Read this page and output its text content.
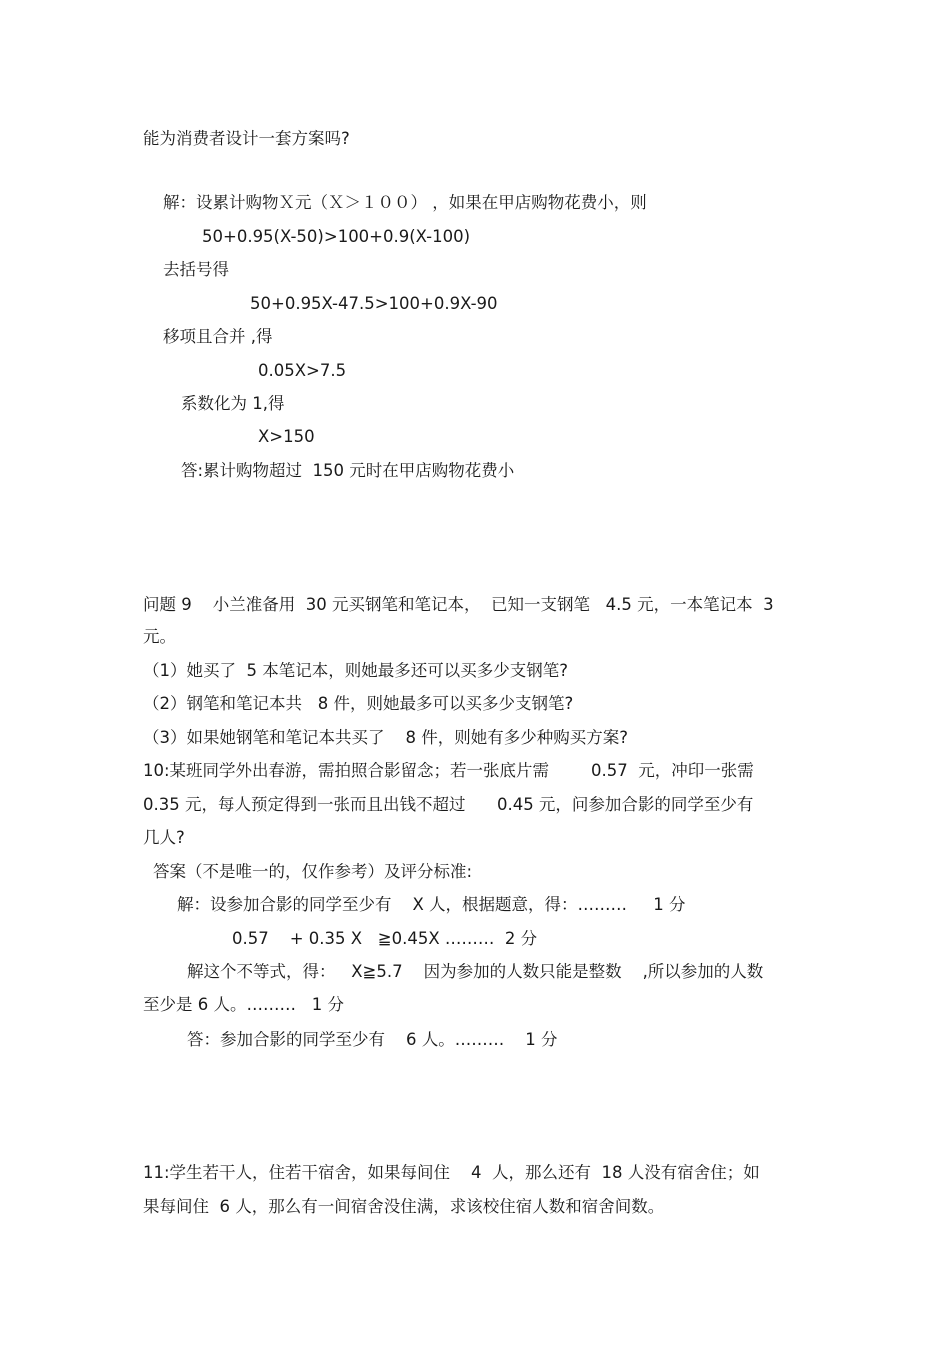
能为消费者设计一套方案吗?
解：设累计购物Ｘ元（Ｘ＞１００） ，如果在甲店购物花费小，则
50+0.95(X-50)>100+0.9(X-100)
去括号得
50+0.95X-47.5>100+0.9X-90
移项且合并 ,得
0.05X>7.5
系数化为 1,得
X>150
答:累计购物超过  150 元时在甲店购物花费小
问题 9    小兰准备用  30 元买钢笔和笔记本，  已知一支钢笔   4.5 元，一本笔记本  3
元。
（1）她买了  5 本笔记本，则她最多还可以买多少支钢笔?
（2）钢笔和笔记本共   8 件，则她最多可以买多少支钢笔?
（3）如果她钢笔和笔记本共买了    8 件，则她有多少种购买方案?
10:某班同学外出春游，需拍照合影留念；若一张底片需        0.57  元，冲印一张需
0.35 元，每人预定得到一张而且出钱不超过      0.45 元，问参加合影的同学至少有
几人?
答案（不是唯一的，仅作参考）及评分标准:
解：设参加合影的同学至少有    X 人，根据题意，得：………     1 分
0.57    + 0.35 X   ≧0.45X ………  2 分
解这个不等式，得：   X≧5.7    因为参加的人数只能是整数    ,所以参加的人数
至少是 6 人。………   1 分
答：参加合影的同学至少有    6 人。………    1 分
11:学生若干人，住若干宿舍，如果每间住    4  人，那么还有  18 人没有宿舍住；如
果每间住  6 人，那么有一间宿舍没住满，求该校住宿人数和宿舍间数。
